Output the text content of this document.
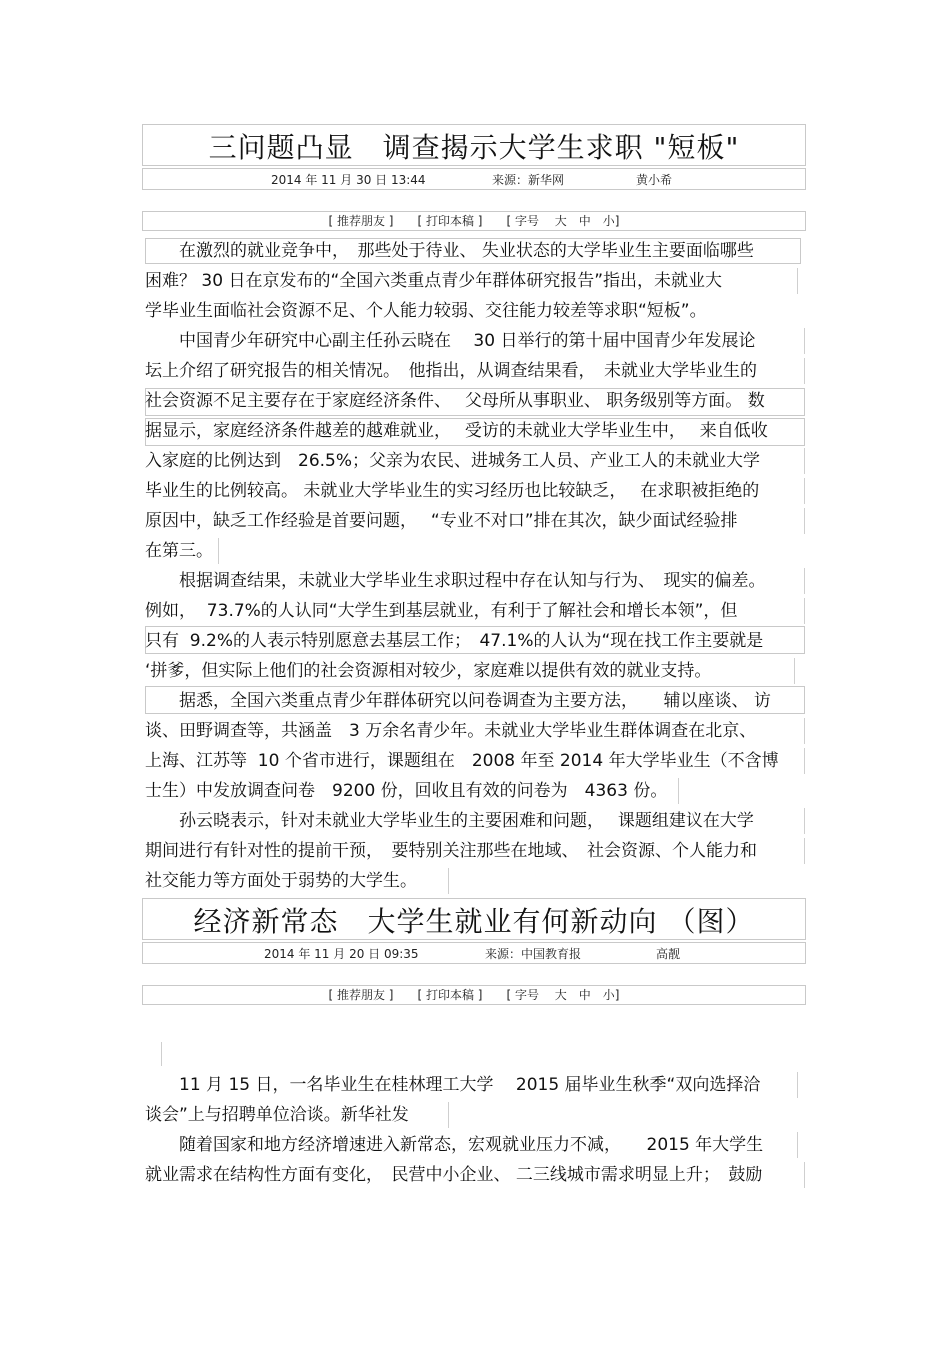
三问题凸显　调查揭示大学生求职 "短板"
2014 年 11 月 30 日 13:44	来源：新华网	黄小希
[ 推荐朋友 ]　　[ 打印本稿 ]　　[ 字号　 大　中　小]
　　在激烈的就业竞争中，　那些处于待业、 失业状态的大学毕业生主要面临哪些
困难？ 30 日在京发布的“全国六类重点青少年群体研究报告”指出，未就业大
学毕业生面临社会资源不足、个人能力较弱、交往能力较差等求职“短板”。
　　中国青少年研究中心副主任孙云晓在　 30 日举行的第十届中国青少年发展论
坛上介绍了研究报告的相关情况。　他指出，从调查结果看，　未就业大学毕业生的
社会资源不足主要存在于家庭经济条件、　 父母所从事职业、 职务级别等方面。 数
据显示，家庭经济条件越差的越难就业，　 受访的未就业大学毕业生中，　 来自低收
入家庭的比例达到　26.5%；父亲为农民、进城务工人员、产业工人的未就业大学
毕业生的比例较高。 未就业大学毕业生的实习经历也比较缺乏，　 在求职被拒绝的
原因中，缺乏工作经验是首要问题，　 “专业不对口”排在其次，缺少面试经验排
在第三。
　　根据调查结果，未就业大学毕业生求职过程中存在认知与行为、　现实的偏差。
例如，  73.7%的人认同“大学生到基层就业，有利于了解社会和增长本领”，但
只有  9.2%的人表示特别愿意去基层工作；　47.1%的人认为“现在找工作主要就是
‘拼爹，但实际上他们的社会资源相对较少，家庭难以提供有效的就业支持。
　　据悉，全国六类重点青少年群体研究以问卷调查为主要方法，　　辅以座谈、 访
谈、田野调查等，共涵盖　3 万余名青少年。未就业大学毕业生群体调查在北京、
上海、江苏等  10 个省市进行，课题组在　2008 年至 2014 年大学毕业生（不含博
士生）中发放调查问卷　9200 份，回收且有效的问卷为　4363 份。
　　孙云晓表示，针对未就业大学毕业生的主要困难和问题，　 课题组建议在大学
期间进行有针对性的提前干预，　要特别关注那些在地域、　社会资源、个人能力和
社交能力等方面处于弱势的大学生。
经济新常态　大学生就业有何新动向 （图）
2014 年 11 月 20 日 09:35	来源：中国教育报	高靓
[ 推荐朋友 ]　　[ 打印本稿 ]　　[ 字号　 大　中　小]
　　11 月 15 日，一名毕业生在桂林理工大学　 2015 届毕业生秋季“双向选择洽
谈会”上与招聘单位洽谈。新华社发
　　随着国家和地方经济增速进入新常态，宏观就业压力不减，　　2015 年大学生
就业需求在结构性方面有变化，　民营中小企业、 二三线城市需求明显上升；　鼓励
